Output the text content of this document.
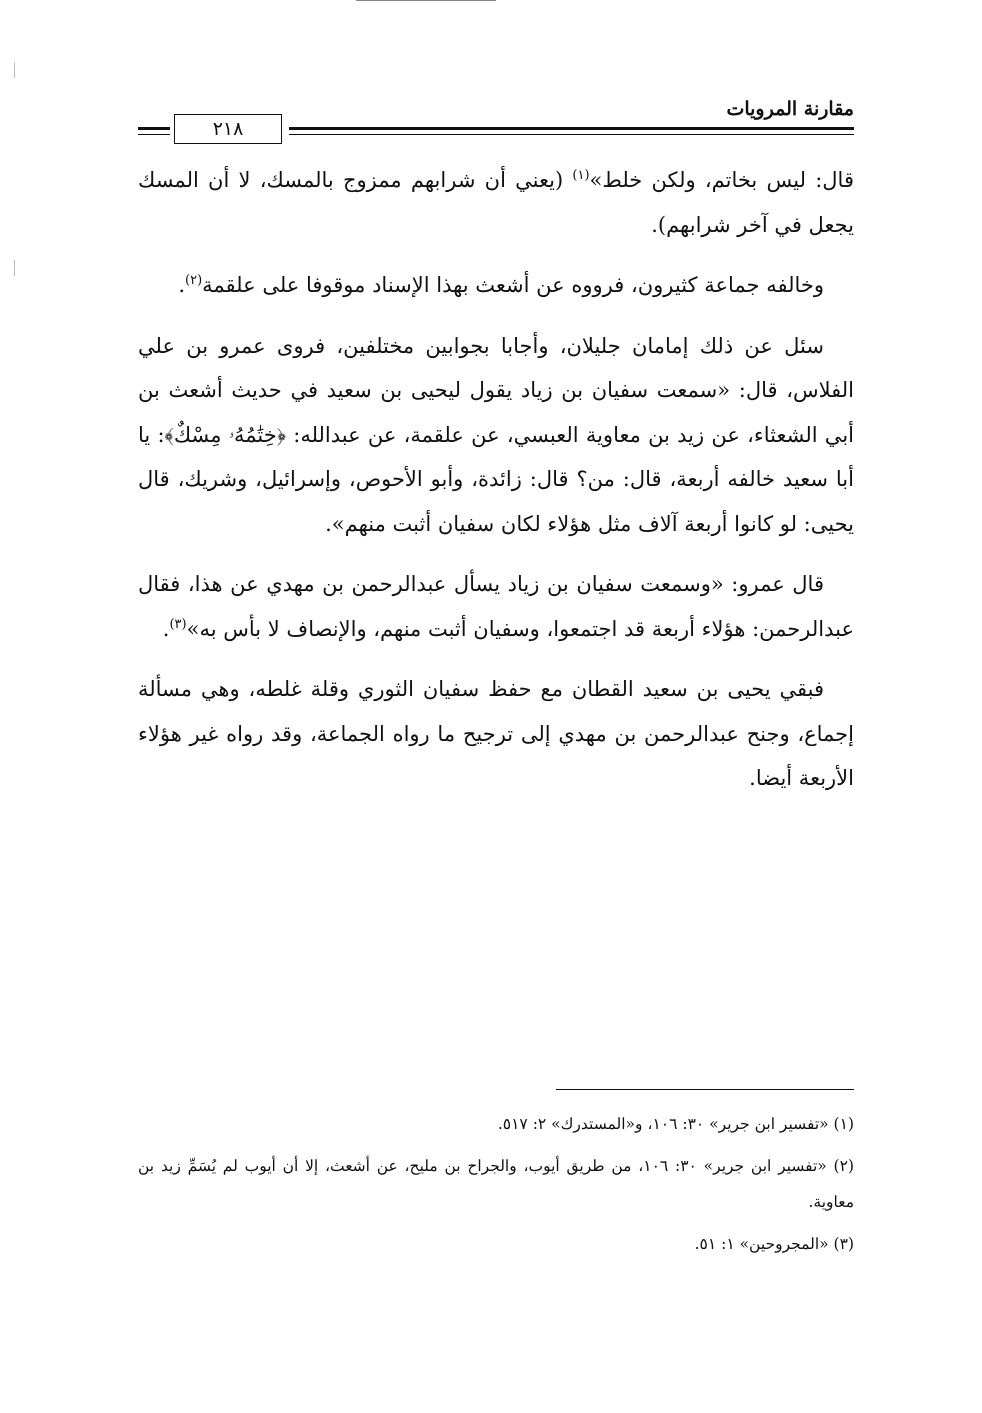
مقارنة المرويات
٢١٨

قال: ليس بخاتم، ولكن خلط»$^{(١)}$ (يعني أن شرابهم ممزوج بالمسك، لا أن المسك يجعل في آخر شرابهم).

وخالفه جماعة كثيرون، فرووه عن أشعث بهذا الإسناد موقوفا على علقمة$^{(٢)}$.

سئل عن ذلك إمامان جليلان، وأجابا بجوابين مختلفين، فروى عمرو بن علي الفلاس، قال: «سمعت سفيان بن زياد يقول ليحيى بن سعيد في حديث أشعث بن أبي الشعثاء، عن زيد بن معاوية العبسي، عن علقمة، عن عبدالله: ﴿خِتَٰمُهُۥ مِسْكٌ﴾: يا أبا سعيد خالفه أربعة، قال: من؟ قال: زائدة، وأبو الأحوص، وإسرائيل، وشريك، قال يحيى: لو كانوا أربعة آلاف مثل هؤلاء لكان سفيان أثبت منهم».

قال عمرو: «وسمعت سفيان بن زياد يسأل عبدالرحمن بن مهدي عن هذا، فقال عبدالرحمن: هؤلاء أربعة قد اجتمعوا، وسفيان أثبت منهم، والإنصاف لا بأس به»$^{(٣)}$.

فبقي يحيى بن سعيد القطان مع حفظ سفيان الثوري وقلة غلطه، وهي مسألة إجماع، وجنح عبدالرحمن بن مهدي إلى ترجيح ما رواه الجماعة، وقد رواه غير هؤلاء الأربعة أيضا.

(١) «تفسير ابن جرير» ٣٠: ١٠٦، و«المستدرك» ٢: ٥١٧.

(٢) «تفسير ابن جرير» ٣٠: ١٠٦، من طريق أيوب، والجراح بن مليح، عن أشعث، إلا أن أيوب لم يُسَمِّ زيد بن معاوية.

(٣) «المجروحين» ١: ٥١.
